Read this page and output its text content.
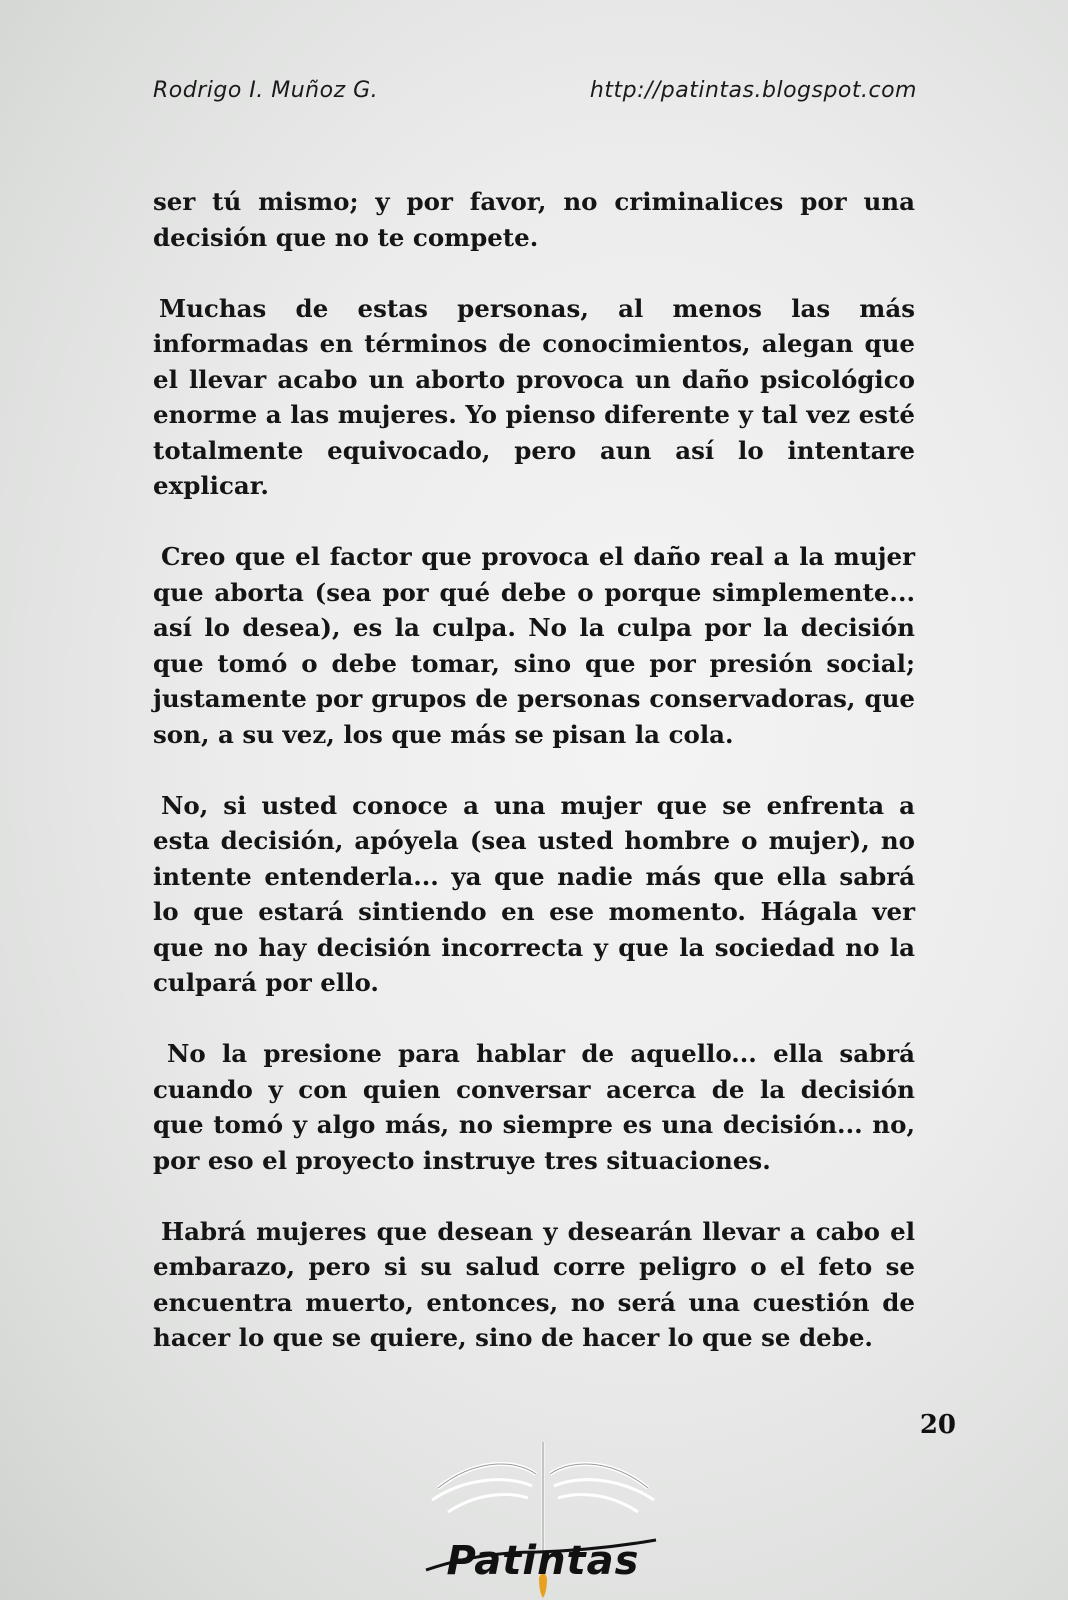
Rodrigo I. Muñoz G.	http://patintas.blogspot.com

ser tú mismo; y por favor, no criminalices por una decisión que no te compete.

Muchas de estas personas, al menos las más informadas en términos de conocimientos, alegan que el llevar acabo un aborto provoca un daño psicológico enorme a las mujeres. Yo pienso diferente y tal vez esté totalmente equivocado, pero aun así lo intentare explicar.

Creo que el factor que provoca el daño real a la mujer que aborta (sea por qué debe o porque simplemente... así lo desea), es la culpa. No la culpa por la decisión que tomó o debe tomar, sino que por presión social; justamente por grupos de personas conservadoras, que son, a su vez, los que más se pisan la cola.

No, si usted conoce a una mujer que se enfrenta a esta decisión, apóyela (sea usted hombre o mujer), no intente entenderla... ya que nadie más que ella sabrá lo que estará sintiendo en ese momento. Hágala ver que no hay decisión incorrecta y que la sociedad no la culpará por ello.

No la presione para hablar de aquello... ella sabrá cuando y con quien conversar acerca de la decisión que tomó y algo más, no siempre es una decisión... no, por eso el proyecto instruye tres situaciones.

Habrá mujeres que desean y desearán llevar a cabo el embarazo, pero si su salud corre peligro o el feto se encuentra muerto, entonces, no será una cuestión de hacer lo que se quiere, sino de hacer lo que se debe.

20
Patintas
